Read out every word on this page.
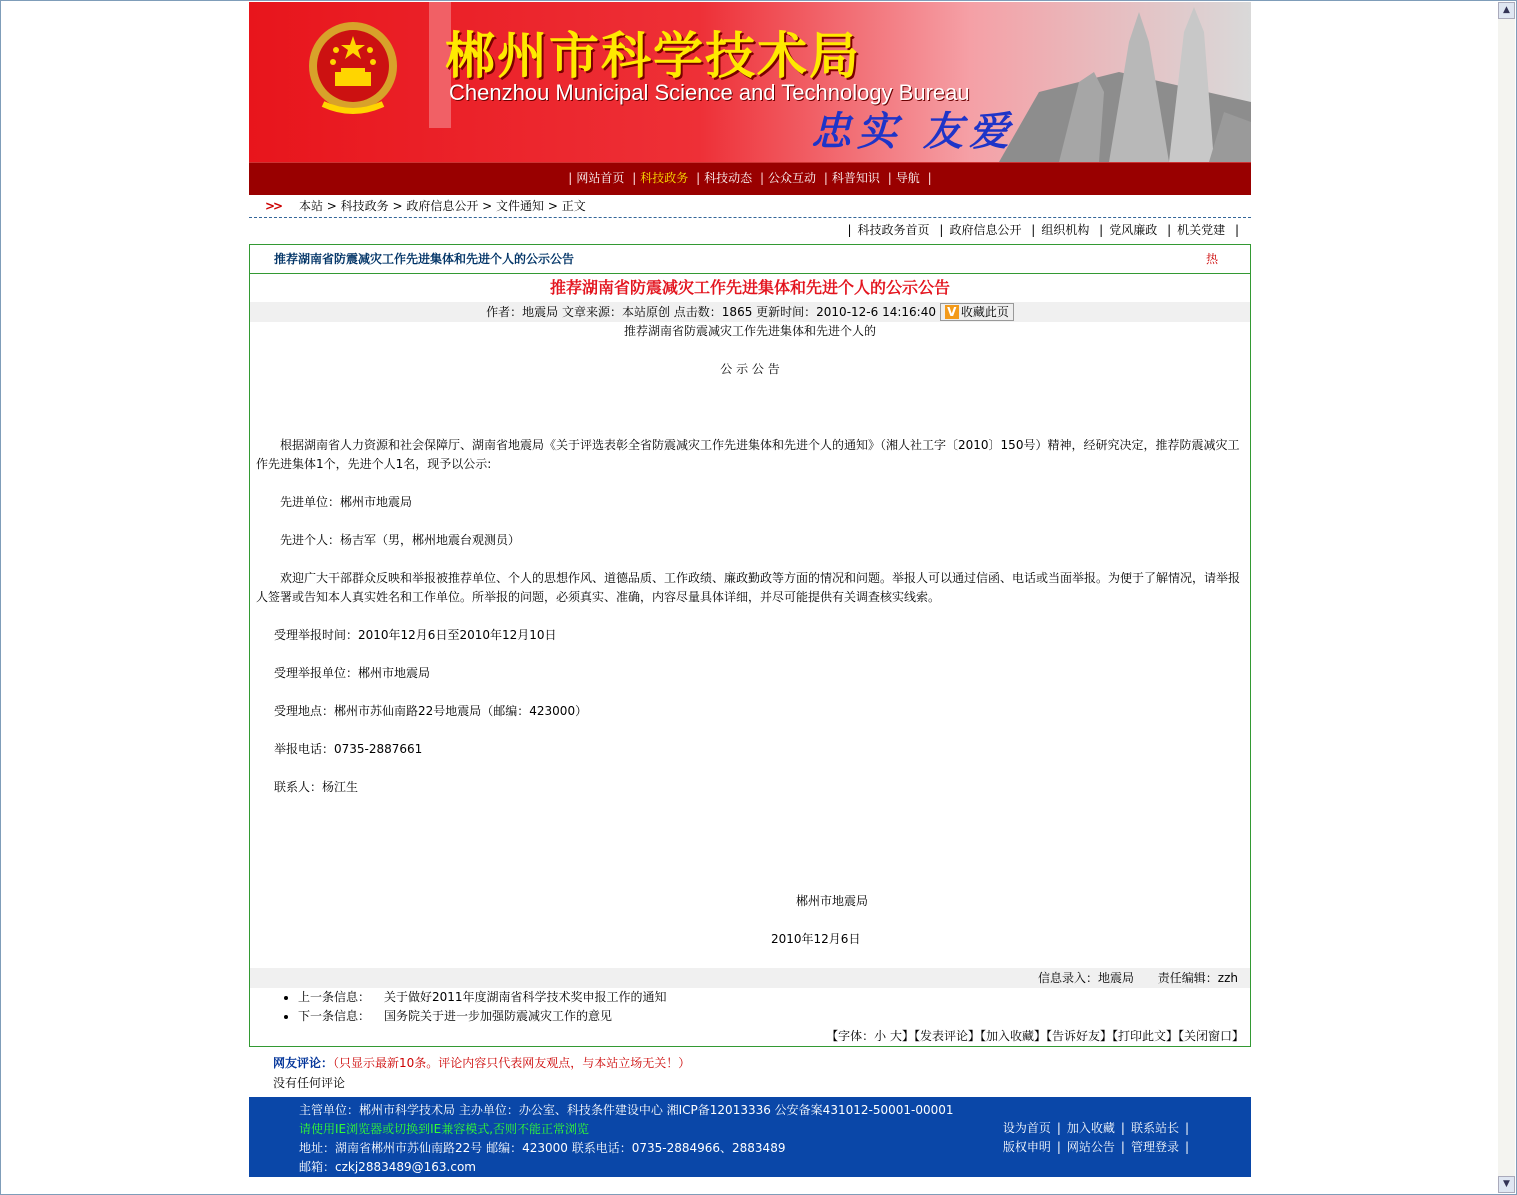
郴州市科学技术局
Chenzhou Municipal Science and Technology Bureau
忠实 友爱
| 网站首页 | 科技政务 | 科技动态 | 公众互动 | 科普知识 | 导航 |
>> 本站 > 科技政务 > 政府信息公开 > 文件通知 > 正文
| 科技政务首页 | 政府信息公开 | 组织机构 | 党风廉政 | 机关党建 |
推荐湖南省防震减灾工作先进集体和先进个人的公示公告	热
推荐湖南省防震减灾工作先进集体和先进个人的公示公告
作者：地震局 文章来源：本站原创 点击数：1865 更新时间：2010-12-6 14:16:40 V 收藏此页

推荐湖南省防震减灾工作先进集体和先进个人的

公 示 公 告

根据湖南省人力资源和社会保障厅、湖南省地震局《关于评选表彰全省防震减灾工作先进集体和先进个人的通知》（湘人社工字〔2010〕150号）精神，经研究决定，推荐防震减灾工作先进集体1个，先进个人1名，现予以公示:

先进单位：郴州市地震局

先进个人：杨吉军（男，郴州地震台观测员）

欢迎广大干部群众反映和举报被推荐单位、个人的思想作风、道德品质、工作政绩、廉政勤政等方面的情况和问题。举报人可以通过信函、电话或当面举报。为便于了解情况，请举报人签署或告知本人真实姓名和工作单位。所举报的问题，必须真实、准确，内容尽量具体详细，并尽可能提供有关调查核实线索。

受理举报时间：2010年12月6日至2010年12月10日

受理举报单位：郴州市地震局

受理地点：郴州市苏仙南路22号地震局（邮编：423000）

举报电话：0735-2887661

联系人：杨江生

郴州市地震局

2010年12月6日

信息录入：地震局 责任编辑：zzh
• 上一条信息： 关于做好2011年度湖南省科学技术奖申报工作的通知
• 下一条信息： 国务院关于进一步加强防震减灾工作的意见
【字体：小 大】【发表评论】【加入收藏】【告诉好友】【打印此文】【关闭窗口】
网友评论：（只显示最新10条。评论内容只代表网友观点，与本站立场无关！）
没有任何评论
主管单位：郴州市科学技术局 主办单位：办公室、科技条件建设中心 湘ICP备12013336 公安备案431012-50001-00001
请使用IE浏览器或切换到IE兼容模式,否则不能正常浏览
地址：湖南省郴州市苏仙南路22号 邮编：423000 联系电话：0735-2884966、2883489
邮箱：czkj2883489@163.com
设为首页 | 加入收藏 | 联系站长 |
版权申明 | 网站公告 | 管理登录 |
▲
▼
